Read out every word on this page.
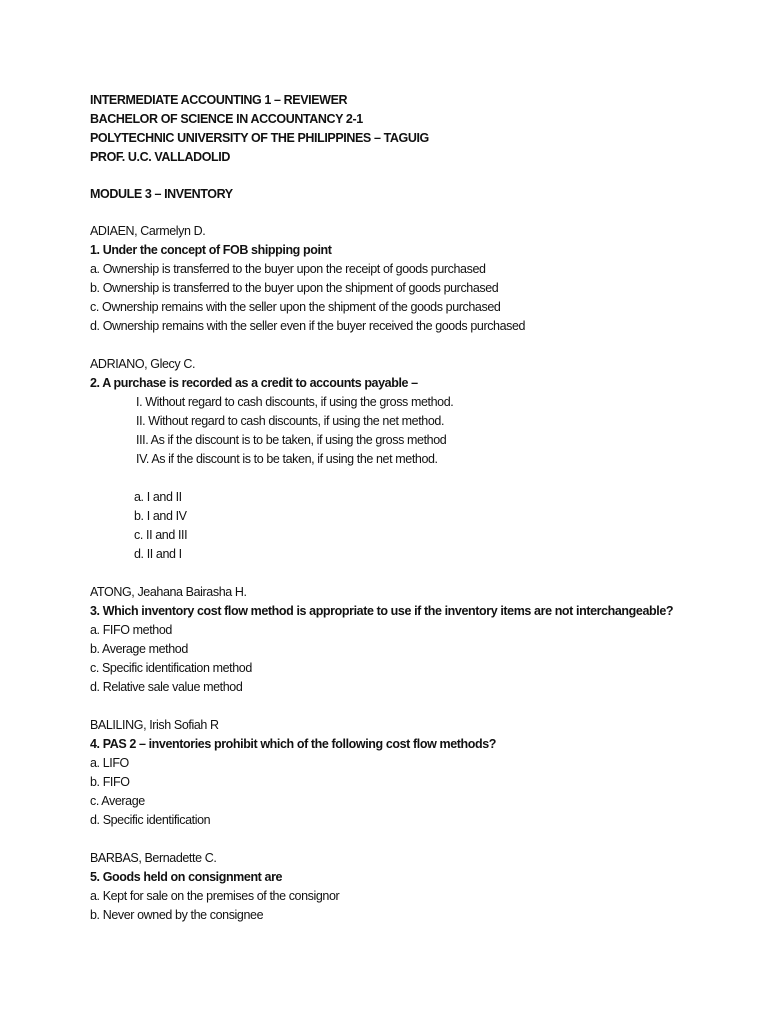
INTERMEDIATE ACCOUNTING 1 – REVIEWER
BACHELOR OF SCIENCE IN ACCOUNTANCY 2-1
POLYTECHNIC UNIVERSITY OF THE PHILIPPINES – TAGUIG
PROF. U.C. VALLADOLID
MODULE 3 – INVENTORY
ADIAEN, Carmelyn D.
1. Under the concept of FOB shipping point
a. Ownership is transferred to the buyer upon the receipt of goods purchased
b. Ownership is transferred to the buyer upon the shipment of goods purchased
c. Ownership remains with the seller upon the shipment of the goods purchased
d. Ownership remains with the seller even if the buyer received the goods purchased
ADRIANO, Glecy C.
2. A purchase is recorded as a credit to accounts payable –
I. Without regard to cash discounts, if using the gross method.
II. Without regard to cash discounts, if using the net method.
III. As if the discount is to be taken, if using the gross method
IV. As if the discount is to be taken, if using the net method.
a. I and II
b. I and IV
c. II and III
d. II and I
ATONG, Jeahana Bairasha H.
3. Which inventory cost flow method is appropriate to use if the inventory items are not interchangeable?
a. FIFO method
b. Average method
c. Specific identification method
d. Relative sale value method
BALILING, Irish Sofiah R
4. PAS 2 – inventories prohibit which of the following cost flow methods?
a. LIFO
b. FIFO
c. Average
d. Specific identification
BARBAS, Bernadette C.
5. Goods held on consignment are
a. Kept for sale on the premises of the consignor
b. Never owned by the consignee
